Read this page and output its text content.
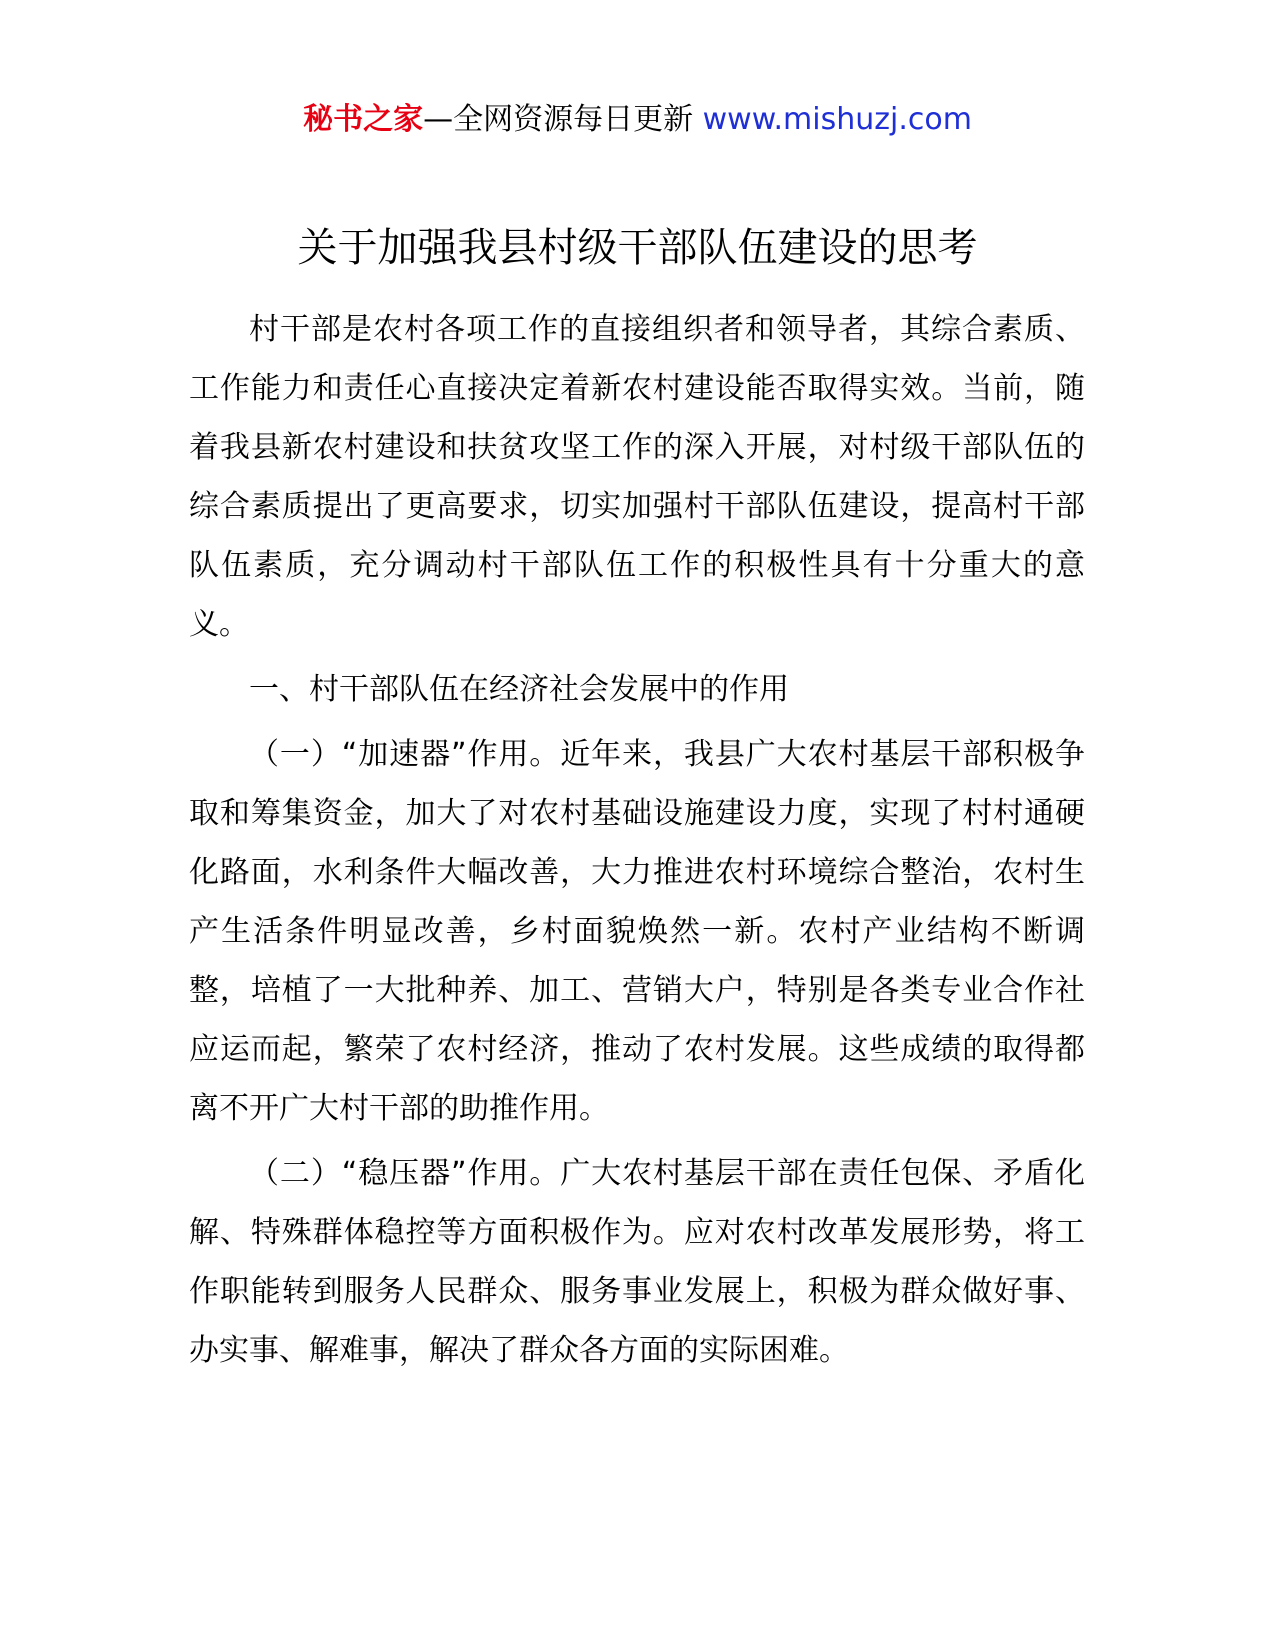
秘书之家—全网资源每日更新 www.mishuzj.com
关于加强我县村级干部队伍建设的思考

村干部是农村各项工作的直接组织者和领导者，其综合素质、工作能力和责任心直接决定着新农村建设能否取得实效。当前，随着我县新农村建设和扶贫攻坚工作的深入开展，对村级干部队伍的综合素质提出了更高要求，切实加强村干部队伍建设，提高村干部队伍素质，充分调动村干部队伍工作的积极性具有十分重大的意义。

一、村干部队伍在经济社会发展中的作用

（一）“加速器”作用。近年来，我县广大农村基层干部积极争取和筹集资金，加大了对农村基础设施建设力度，实现了村村通硬化路面，水利条件大幅改善，大力推进农村环境综合整治，农村生产生活条件明显改善，乡村面貌焕然一新。农村产业结构不断调整，培植了一大批种养、加工、营销大户，特别是各类专业合作社应运而起，繁荣了农村经济，推动了农村发展。这些成绩的取得都离不开广大村干部的助推作用。

（二）“稳压器”作用。广大农村基层干部在责任包保、矛盾化解、特殊群体稳控等方面积极作为。应对农村改革发展形势，将工作职能转到服务人民群众、服务事业发展上，积极为群众做好事、办实事、解难事，解决了群众各方面的实际困难。
